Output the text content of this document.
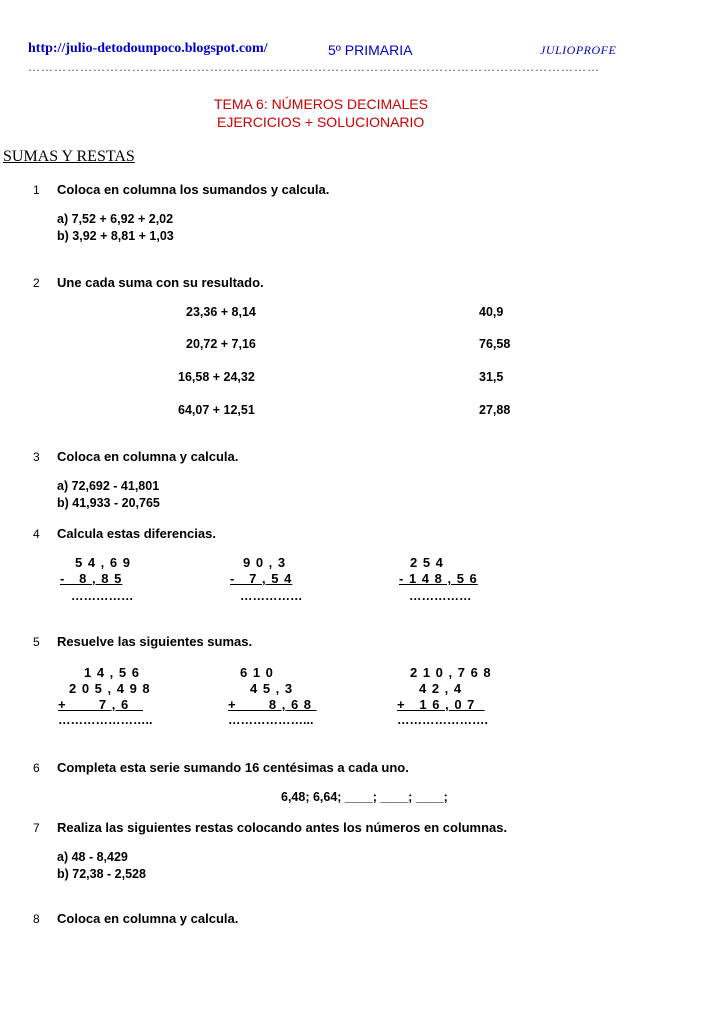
http://julio-detodounpoco.blogspot.com/	5º PRIMARIA	JULIOPROFE
……………………………………………………………………………………………………………………
TEMA 6: NÚMEROS DECIMALES
EJERCICIOS + SOLUCIONARIO
SUMAS Y RESTAS
1 Coloca en columna los sumandos y calcula.
a) 7,52 + 6,92 + 2,02
b) 3,92 + 8,81 + 1,03
2 Une cada suma con su resultado.
23,36 + 8,14
20,72 + 7,16
16,58 + 24,32
64,07 + 12,51
40,9
76,58
31,5
27,88
3 Coloca en columna y calcula.
a) 72,692 - 41,801
b) 41,933 - 20,765
4 Calcula estas diferencias.
5 4 , 6 9
-   8 , 8 5
……………
9 0 , 3
-   7 , 5 4
……………
2 5 4
- 1 4 8 , 5 6
……………
5 Resuelve las siguientes sumas.
1 4 , 5 6
2 0 5 , 4 9 8
+       7 , 6
…………………..
6 1 0
4 5 , 3
+       8 , 6 8
………………...
2 1 0 , 7 6 8
4 2 , 4
+   1 6 , 0 7
………………….
6 Completa esta serie sumando 16 centésimas a cada uno.
6,48; 6,64; ____; ____; ____;
7 Realiza las siguientes restas colocando antes los números en columnas.
a) 48 - 8,429
b) 72,38 - 2,528
8 Coloca en columna y calcula.
